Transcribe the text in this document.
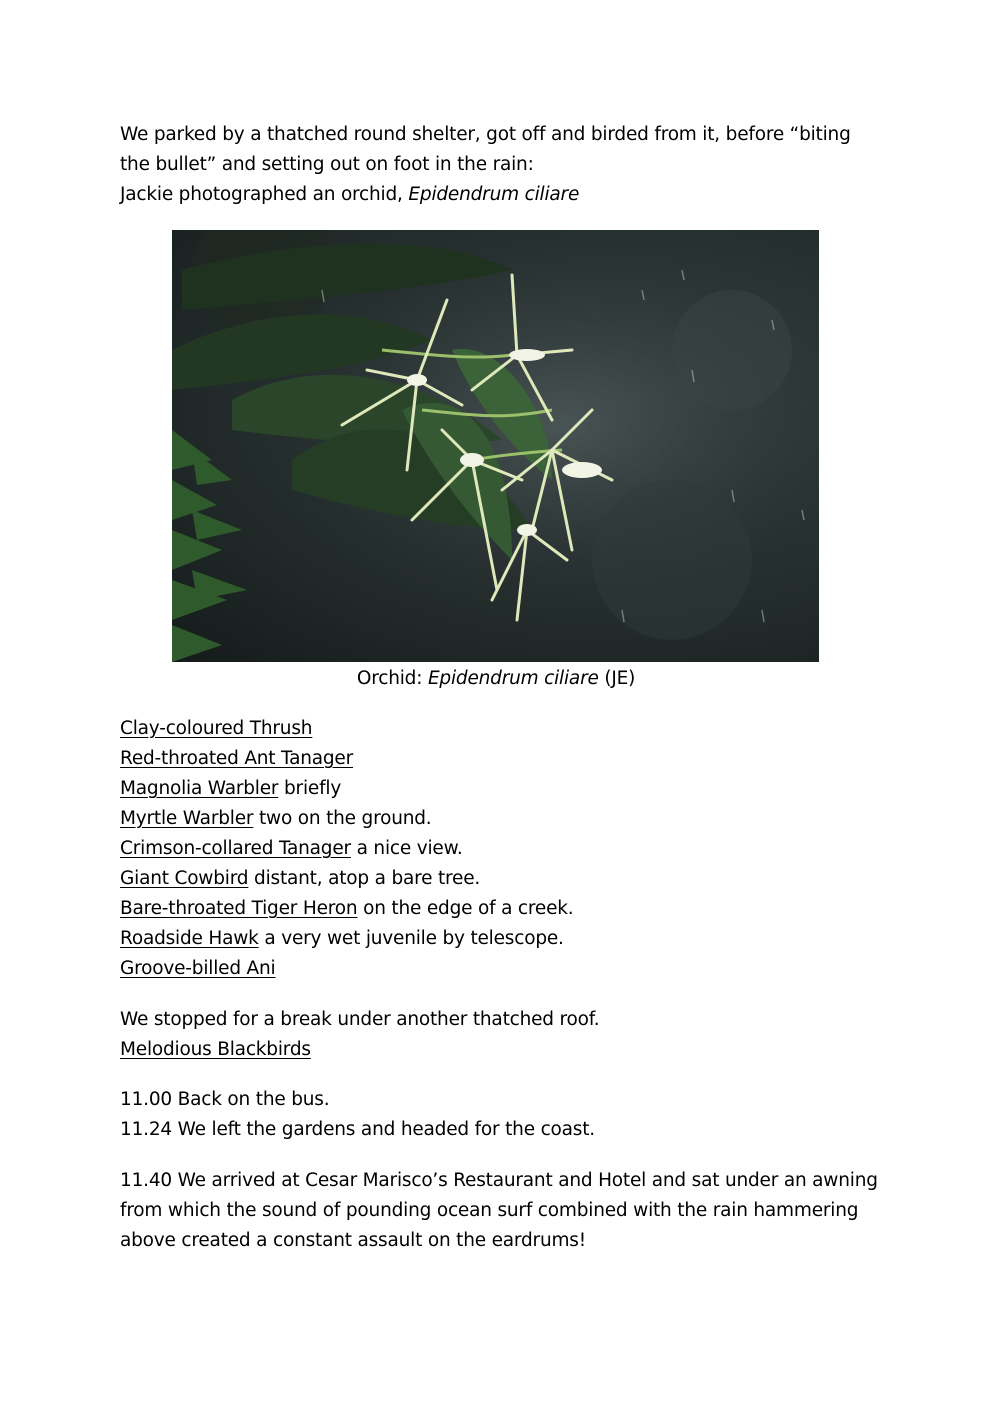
We parked by a thatched round shelter, got off and birded from it, before “biting
the bullet” and setting out on foot in the rain:
Jackie photographed an orchid, Epidendrum ciliare
Orchid: Epidendrum ciliare (JE)
Clay-coloured Thrush
Red-throated Ant Tanager
Magnolia Warbler briefly
Myrtle Warbler two on the ground.
Crimson-collared Tanager a nice view.
Giant Cowbird distant, atop a bare tree.
Bare-throated Tiger Heron on the edge of a creek.
Roadside Hawk a very wet juvenile by telescope.
Groove-billed Ani
We stopped for a break under another thatched roof.
Melodious Blackbirds
11.00 Back on the bus.
11.24 We left the gardens and headed for the coast.
11.40 We arrived at Cesar Marisco’s Restaurant and Hotel and sat under an awning
from which the sound of pounding ocean surf combined with the rain hammering
above created a constant assault on the eardrums!
